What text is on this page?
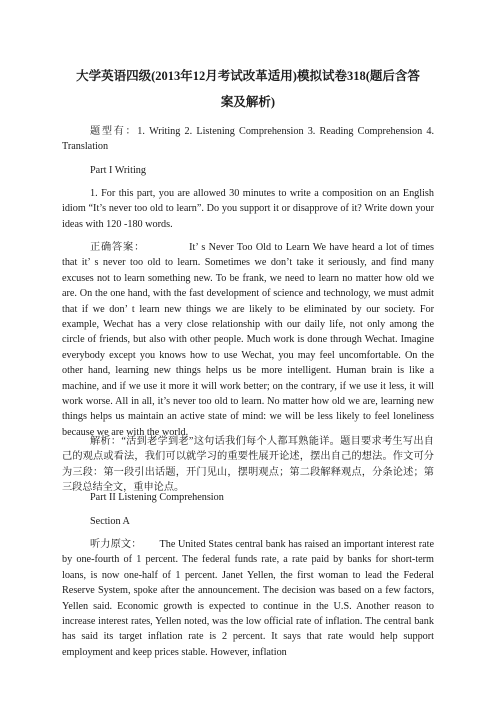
大学英语四级(2013年12月考试改革适用)模拟试卷318(题后含答
案及解析)
题型有：1. Writing 2. Listening Comprehension 3. Reading Comprehension 4. Translation
Part I Writing
1. For this part, you are allowed 30 minutes to write a composition on an English idiom “It’s never too old to learn”. Do you support it or disapprove of it? Write down your ideas with 120 -180 words.
正确答案：	It’ s Never Too Old to Learn We have heard a lot of times that it’ s never too old to learn. Sometimes we don’t take it seriously, and find many excuses not to learn something new. To be frank, we need to learn no matter how old we are. On the one hand, with the fast development of science and technology, we must admit that if we don’ t learn new things we are likely to be eliminated by our society. For example, Wechat has a very close relationship with our daily life, not only among the circle of friends, but also with other people. Much work is done through Wechat. Imagine everybody except you knows how to use Wechat, you may feel uncomfortable. On the other hand, learning new things helps us be more intelligent. Human brain is like a machine, and if we use it more it will work better; on the contrary, if we use it less, it will work worse. All in all, it’s never too old to learn. No matter how old we are, learning new things helps us maintain an active state of mind: we will be less likely to feel loneliness because we are with the world.
解析：“活到老学到老”这句话我们每个人都耳熟能详。题目要求考生写出自己的观点或看法，我们可以就学习的重要性展开论述，摆出自己的想法。作文可分为三段：第一段引出话题，开门见山，摆明观点；第二段解释观点，分条论述；第三段总结全文，重申论点。
Part II Listening Comprehension
Section A
听力原文： The United States central bank has raised an important interest rate by one-fourth of 1 percent. The federal funds rate, a rate paid by banks for short-term loans, is now one-half of 1 percent. Janet Yellen, the first woman to lead the Federal Reserve System, spoke after the announcement. The decision was based on a few factors, Yellen said. Economic growth is expected to continue in the U.S. Another reason to increase interest rates, Yellen noted, was the low official rate of inflation. The central bank has said its target inflation rate is 2 percent. It says that rate would help support employment and keep prices stable. However, inflation
